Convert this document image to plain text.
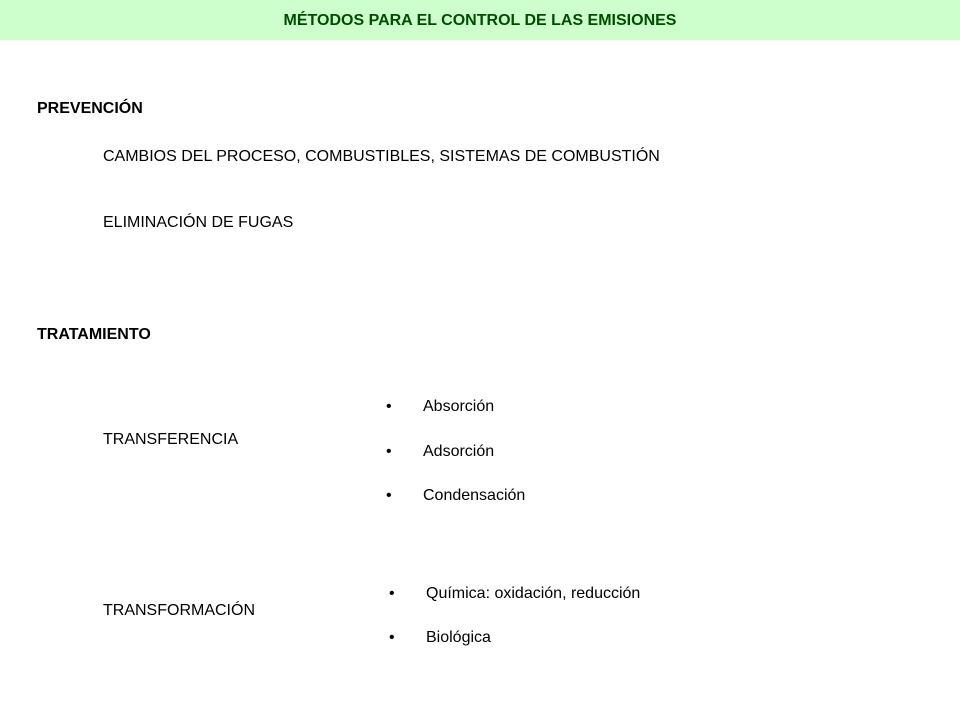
MÉTODOS PARA EL CONTROL DE LAS EMISIONES
PREVENCIÓN
CAMBIOS DEL PROCESO, COMBUSTIBLES, SISTEMAS DE COMBUSTIÓN
ELIMINACIÓN DE FUGAS
TRATAMIENTO
TRANSFERENCIA
• Absorción
• Adsorción
• Condensación
TRANSFORMACIÓN
• Química: oxidación, reducción
• Biológica
